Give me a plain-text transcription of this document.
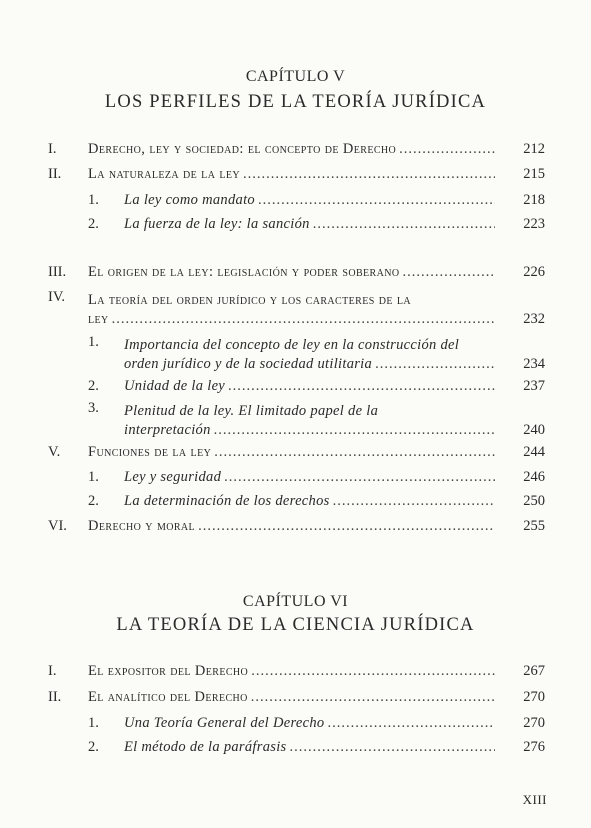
CAPÍTULO V
LOS PERFILES DE LA TEORÍA JURÍDICA
I. Derecho, ley y sociedad: el concepto de Derecho .....	212
II. La naturaleza de la ley .....	215
1. La ley como mandato .....	218
2. La fuerza de la ley: la sanción .....	223
III. El origen de la ley: legislación y poder soberano .....	226
IV. La teoría del orden jurídico y los caracteres de la
ley .....	232
1. Importancia del concepto de ley en la construcción del
orden jurídico y de la sociedad utilitaria .....	234
2. Unidad de la ley .....	237
3. Plenitud de la ley. El limitado papel de la
interpretación .....	240
V. Funciones de la ley .....	244
1. Ley y seguridad .....	246
2. La determinación de los derechos .....	250
VI. Derecho y moral .....	255
CAPÍTULO VI
LA TEORÍA DE LA CIENCIA JURÍDICA
I. El expositor del Derecho .....	267
II. El analítico del Derecho .....	270
1. Una Teoría General del Derecho .....	270
2. El método de la paráfrasis .....	276
XIII
